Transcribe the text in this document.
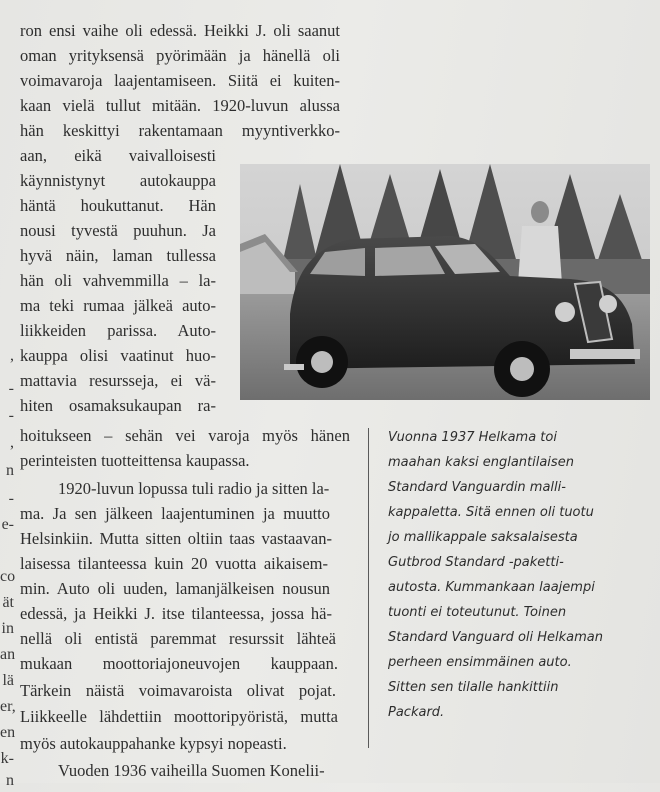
ron ensi vaihe oli edessä. Heikki J. oli saanut
oman yrityksensä pyörimään ja hänellä oli
voimavaroja laajentamiseen. Siitä ei kuiten-
kaan vielä tullut mitään. 1920-luvun alussa
hän keskittyi rakentamaan myyntiverkko-
aan, eikä vaivalloisesti
käynnistynyt autokauppa
häntä houkuttanut. Hän
nousi tyvestä puuhun. Ja
hyvä näin, laman tullessa
hän oli vahvemmilla – la-
ma teki rumaa jälkeä auto-
liikkeiden parissa. Auto-
kauppa olisi vaatinut huo-
mattavia resursseja, ei vä-
hiten osamaksukaupan ra-
hoitukseen – sehän vei varoja myös hänen
perinteisten tuotteittensa kaupassa.
1920-luvun lopussa tuli radio ja sitten la-
ma. Ja sen jälkeen laajentuminen ja muutto
Helsinkiin. Mutta sitten oltiin taas vastaavan-
laisessa tilanteessa kuin 20 vuotta aikaisem-
min. Auto oli uuden, lamanjälkeisen nousun
edessä, ja Heikki J. itse tilanteessa, jossa hä-
nellä oli entistä paremmat resurssit lähteä
mukaan moottoriajoneuvojen kauppaan.
Tärkein näistä voimavaroista olivat pojat.
Liikkeelle lähdettiin moottoripyöristä, mutta
myös autokauppahanke kypsyi nopeasti.
Vuoden 1936 vaiheilla Suomen Konelii-
,
-
-
,
n
-
e-
co
ät
in
an
lä
er,
en
k-
n
Vuonna 1937 Helkama toi
maahan kaksi englantilaisen
Standard Vanguardin malli-
kappaletta. Sitä ennen oli tuotu
jo mallikappale saksalaisesta
Gutbrod Standard -paketti-
autosta. Kummankaan laajempi
tuonti ei toteutunut. Toinen
Standard Vanguard oli Helkaman
perheen ensimmäinen auto.
Sitten sen tilalle hankittiin
Packard.
